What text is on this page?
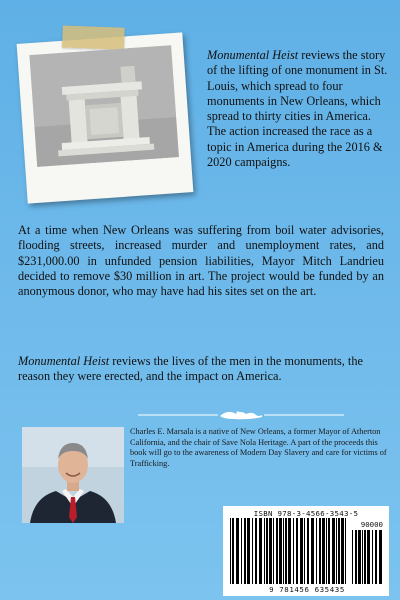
Monumental Heist reviews the story of the lifting of one monument in St. Louis, which spread to four monuments in New Orleans, which spread to thirty cities in America. The action increased the race as a topic in America during the 2016 & 2020 campaigns.

At a time when New Orleans was suffering from boil water advisories, flooding streets, increased murder and unemployment rates, and $231,000.00 in unfunded pension liabilities, Mayor Mitch Landrieu decided to remove $30 million in art. The project would be funded by an anonymous donor, who may have had his sites set on the art.

Monumental Heist reviews the lives of the men in the monuments, the reason they were erected, and the impact on America.

Charles E. Marsala is a native of New Orleans, a former Mayor of Atherton California, and the chair of Save Nola Heritage. A part of the proceeds this book will go to the awareness of Modern Day Slavery and care for victims of Trafficking.

ISBN 978-3-4566-3543-5
90000
9 781456 635435
